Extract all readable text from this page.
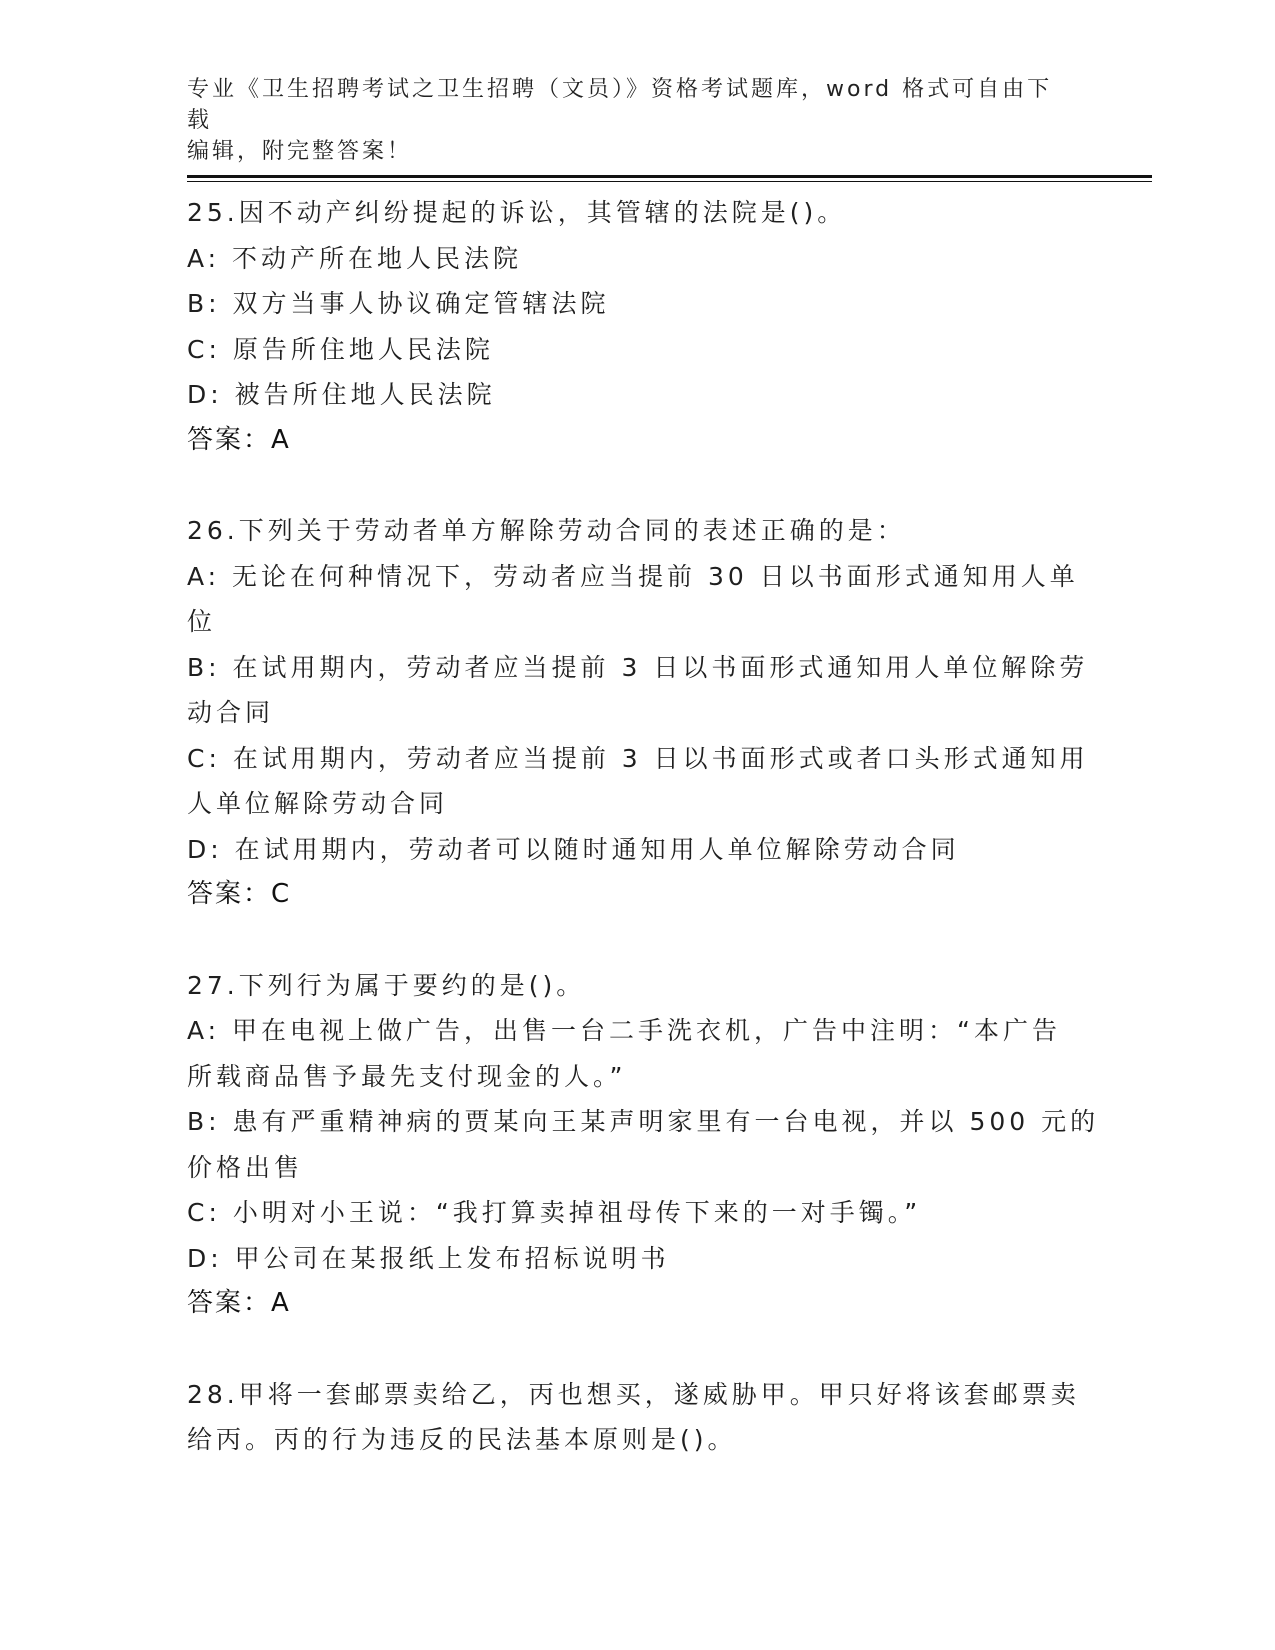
专业《卫生招聘考试之卫生招聘（文员）》资格考试题库，word 格式可自由下载
编辑，附完整答案！
25.因不动产纠纷提起的诉讼，其管辖的法院是()。
A: 不动产所在地人民法院
B: 双方当事人协议确定管辖法院
C: 原告所住地人民法院
D: 被告所住地人民法院
答案：A
26.下列关于劳动者单方解除劳动合同的表述正确的是：
A: 无论在何种情况下，劳动者应当提前 30 日以书面形式通知用人单
位
B: 在试用期内，劳动者应当提前 3 日以书面形式通知用人单位解除劳
动合同
C: 在试用期内，劳动者应当提前 3 日以书面形式或者口头形式通知用
人单位解除劳动合同
D: 在试用期内，劳动者可以随时通知用人单位解除劳动合同
答案：C
27.下列行为属于要约的是()。
A: 甲在电视上做广告，出售一台二手洗衣机，广告中注明：“本广告
所载商品售予最先支付现金的人。”
B: 患有严重精神病的贾某向王某声明家里有一台电视，并以 500 元的
价格出售
C: 小明对小王说：“我打算卖掉祖母传下来的一对手镯。”
D: 甲公司在某报纸上发布招标说明书
答案：A
28.甲将一套邮票卖给乙，丙也想买，遂威胁甲。甲只好将该套邮票卖
给丙。丙的行为违反的民法基本原则是()。
